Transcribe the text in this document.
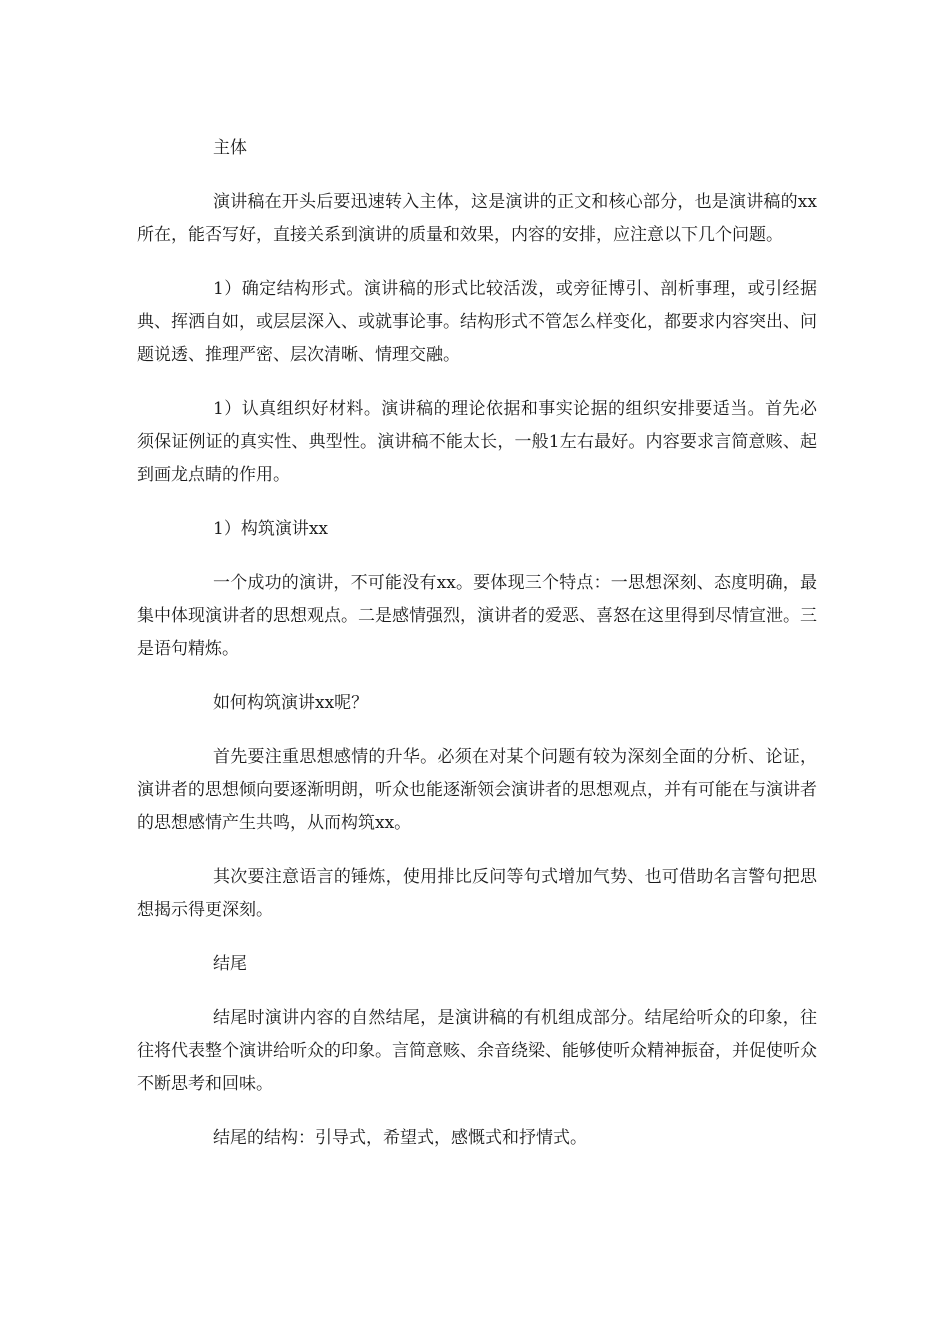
主体

演讲稿在开头后要迅速转入主体，这是演讲的正文和核心部分，也是演讲稿的xx所在，能否写好，直接关系到演讲的质量和效果，内容的安排，应注意以下几个问题。

1）确定结构形式。演讲稿的形式比较活泼，或旁征博引、剖析事理，或引经据典、挥洒自如，或层层深入、或就事论事。结构形式不管怎么样变化，都要求内容突出、问题说透、推理严密、层次清晰、情理交融。

1）认真组织好材料。演讲稿的理论依据和事实论据的组织安排要适当。首先必须保证例证的真实性、典型性。演讲稿不能太长，一般1左右最好。内容要求言简意赅、起到画龙点睛的作用。

1）构筑演讲xx

一个成功的演讲，不可能没有xx。要体现三个特点：一思想深刻、态度明确，最集中体现演讲者的思想观点。二是感情强烈，演讲者的爱恶、喜怒在这里得到尽情宣泄。三是语句精炼。

如何构筑演讲xx呢？

首先要注重思想感情的升华。必须在对某个问题有较为深刻全面的分析、论证，演讲者的思想倾向要逐渐明朗，听众也能逐渐领会演讲者的思想观点，并有可能在与演讲者的思想感情产生共鸣，从而构筑xx。

其次要注意语言的锤炼，使用排比反问等句式增加气势、也可借助名言警句把思想揭示得更深刻。

结尾

结尾时演讲内容的自然结尾，是演讲稿的有机组成部分。结尾给听众的印象，往往将代表整个演讲给听众的印象。言简意赅、余音绕梁、能够使听众精神振奋，并促使听众不断思考和回味。

结尾的结构：引导式，希望式，感慨式和抒情式。
